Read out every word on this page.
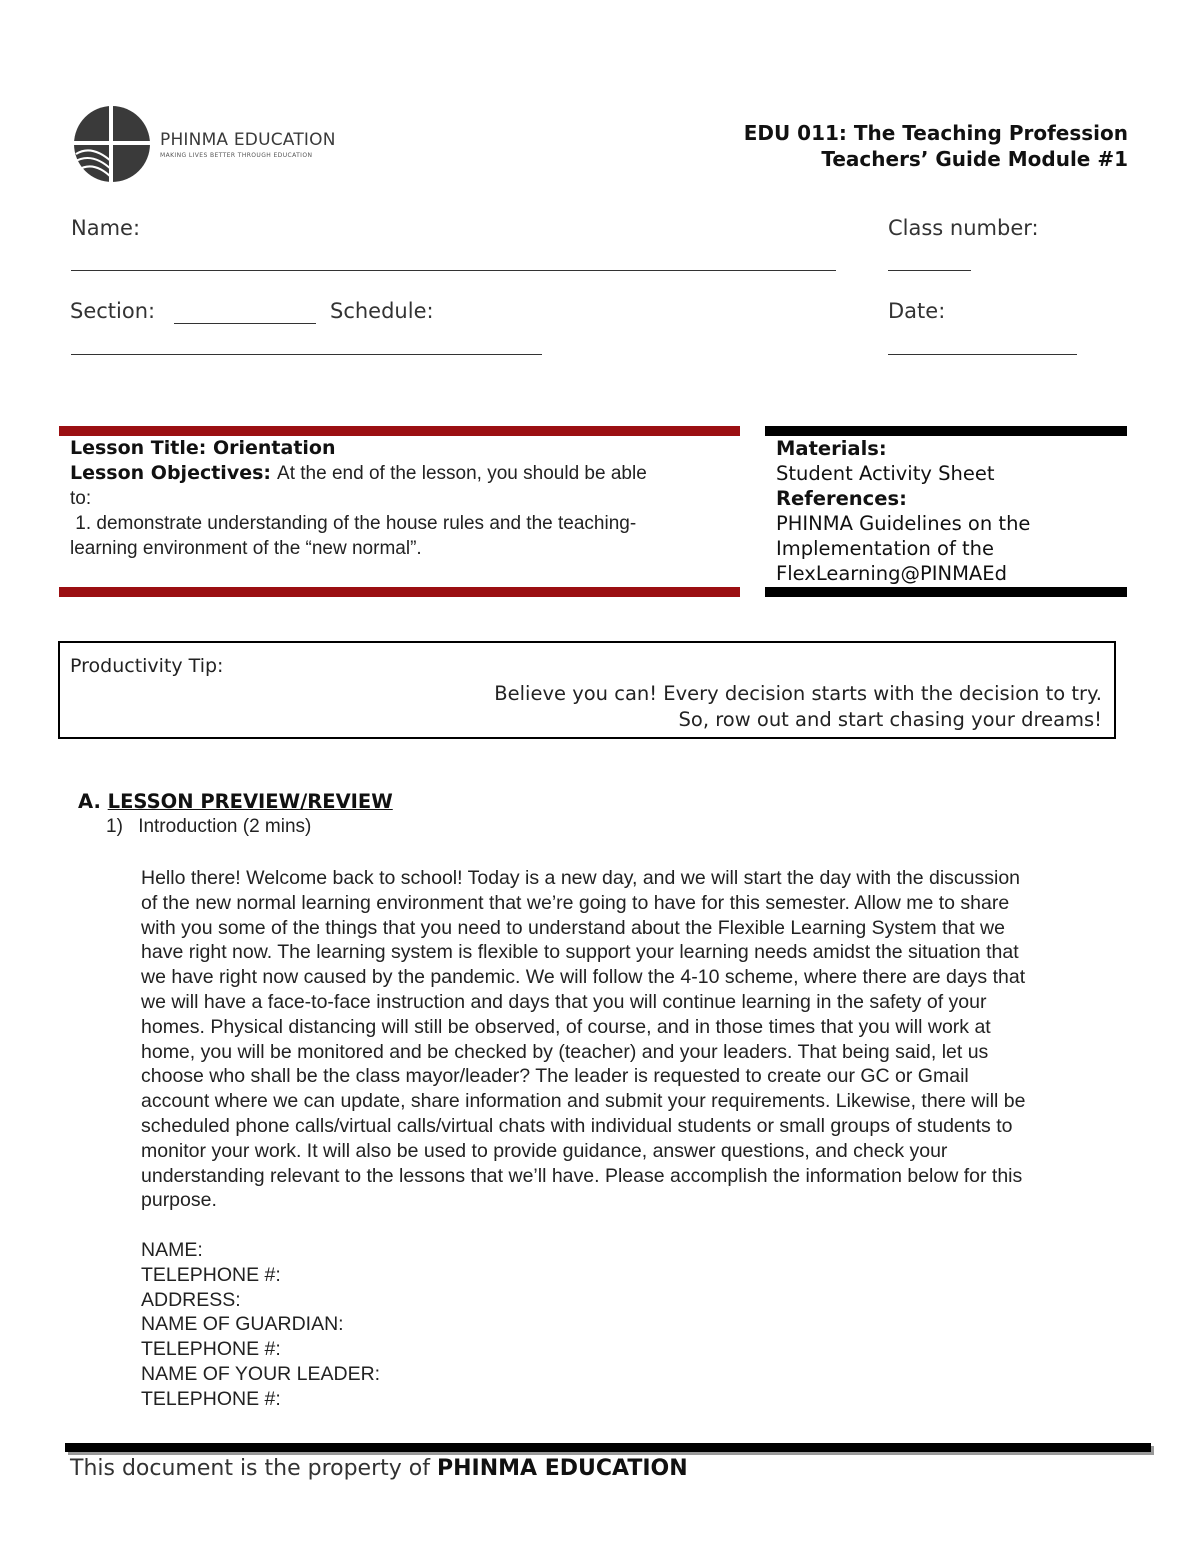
PHINMA EDUCATION
MAKING LIVES BETTER THROUGH EDUCATION
EDU 011: The Teaching Profession
Teachers’ Guide Module #1
Name:	Class number:
Section:	Schedule:	Date:
Lesson Title: Orientation
Lesson Objectives: At the end of the lesson, you should be able
to:
1. demonstrate understanding of the house rules and the teaching-
learning environment of the “new normal”.
Materials:
Student Activity Sheet
References:
PHINMA Guidelines on the
Implementation of the
FlexLearning@PINMAEd
Productivity Tip:
Believe you can! Every decision starts with the decision to try.
So, row out and start chasing your dreams!
A. LESSON PREVIEW/REVIEW
1) Introduction (2 mins)

Hello there! Welcome back to school! Today is a new day, and we will start the day with the discussion

of the new normal learning environment that we’re going to have for this semester. Allow me to share

with you some of the things that you need to understand about the Flexible Learning System that we

have right now. The learning system is flexible to support your learning needs amidst the situation that

we have right now caused by the pandemic. We will follow the 4-10 scheme, where there are days that

we will have a face-to-face instruction and days that you will continue learning in the safety of your

homes. Physical distancing will still be observed, of course, and in those times that you will work at

home, you will be monitored and be checked by (teacher) and your leaders. That being said, let us

choose who shall be the class mayor/leader? The leader is requested to create our GC or Gmail

account where we can update, share information and submit your requirements. Likewise, there will be

scheduled phone calls/virtual calls/virtual chats with individual students or small groups of students to

monitor your work. It will also be used to provide guidance, answer questions, and check your

understanding relevant to the lessons that we’ll have. Please accomplish the information below for this

purpose.

NAME:
TELEPHONE #:
ADDRESS:
NAME OF GUARDIAN:
TELEPHONE #:
NAME OF YOUR LEADER:
TELEPHONE #:
This document is the property of PHINMA EDUCATION
